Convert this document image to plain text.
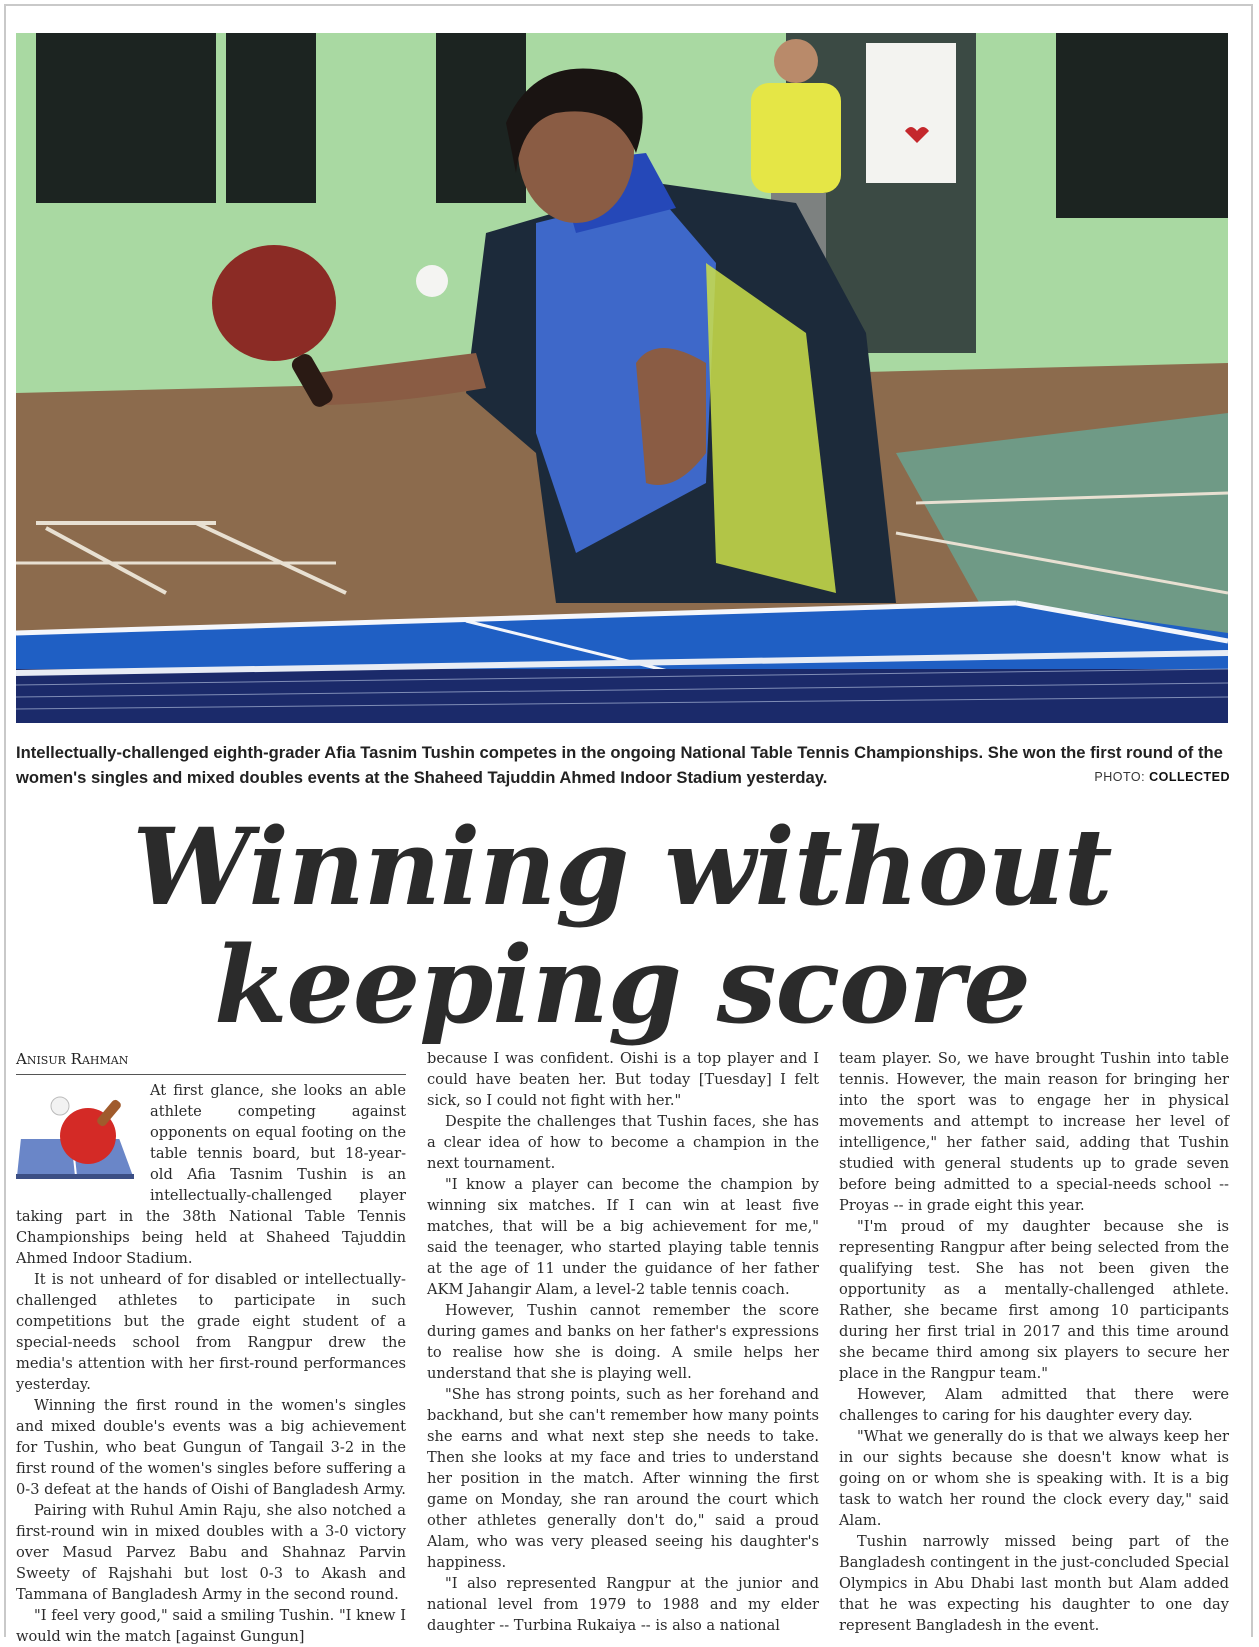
Intellectually-challenged eighth-grader Afia Tasnim Tushin competes in the ongoing National Table Tennis Championships. She won the first round of the women's singles and mixed doubles events at the Shaheed Tajuddin Ahmed Indoor Stadium yesterday.	PHOTO: COLLECTED
Winning without
keeping score
Anisur Rahman

At first glance, she looks an able athlete competing against opponents on equal footing on the table tennis board, but 18-year-old Afia Tasnim Tushin is an intellectually-challenged player taking part in the 38th National Table Tennis Championships being held at Shaheed Tajuddin Ahmed Indoor Stadium.

It is not unheard of for disabled or intellectually-challenged athletes to participate in such competitions but the grade eight student of a special-needs school from Rangpur drew the media's attention with her first-round performances yesterday.

Winning the first round in the women's singles and mixed double's events was a big achievement for Tushin, who beat Gungun of Tangail 3-2 in the first round of the women's singles before suffering a 0-3 defeat at the hands of Oishi of Bangladesh Army.

Pairing with Ruhul Amin Raju, she also notched a first-round win in mixed doubles with a 3-0 victory over Masud Parvez Babu and Shahnaz Parvin Sweety of Rajshahi but lost 0-3 to Akash and Tammana of Bangladesh Army in the second round.

"I feel very good," said a smiling Tushin. "I knew I would win the match [against Gungun]

because I was confident. Oishi is a top player and I could have beaten her. But today [Tuesday] I felt sick, so I could not fight with her."

Despite the challenges that Tushin faces, she has a clear idea of how to become a champion in the next tournament.

"I know a player can become the champion by winning six matches. If I can win at least five matches, that will be a big achievement for me," said the teenager, who started playing table tennis at the age of 11 under the guidance of her father AKM Jahangir Alam, a level-2 table tennis coach.

However, Tushin cannot remember the score during games and banks on her father's expressions to realise how she is doing. A smile helps her understand that she is playing well.

"She has strong points, such as her forehand and backhand, but she can't remember how many points she earns and what next step she needs to take. Then she looks at my face and tries to understand her position in the match. After winning the first game on Monday, she ran around the court which other athletes generally don't do," said a proud Alam, who was very pleased seeing his daughter's happiness.

"I also represented Rangpur at the junior and national level from 1979 to 1988 and my elder daughter -- Turbina Rukaiya -- is also a national

team player. So, we have brought Tushin into table tennis. However, the main reason for bringing her into the sport was to engage her in physical movements and attempt to increase her level of intelligence," her father said, adding that Tushin studied with general students up to grade seven before being admitted to a special-needs school -- Proyas -- in grade eight this year.

"I'm proud of my daughter because she is representing Rangpur after being selected from the qualifying test. She has not been given the opportunity as a mentally-challenged athlete. Rather, she became first among 10 participants during her first trial in 2017 and this time around she became third among six players to secure her place in the Rangpur team."

However, Alam admitted that there were challenges to caring for his daughter every day.

"What we generally do is that we always keep her in our sights because she doesn't know what is going on or whom she is speaking with. It is a big task to watch her round the clock every day," said Alam.

Tushin narrowly missed being part of the Bangladesh contingent in the just-concluded Special Olympics in Abu Dhabi last month but Alam added that he was expecting his daughter to one day represent Bangladesh in the event.
